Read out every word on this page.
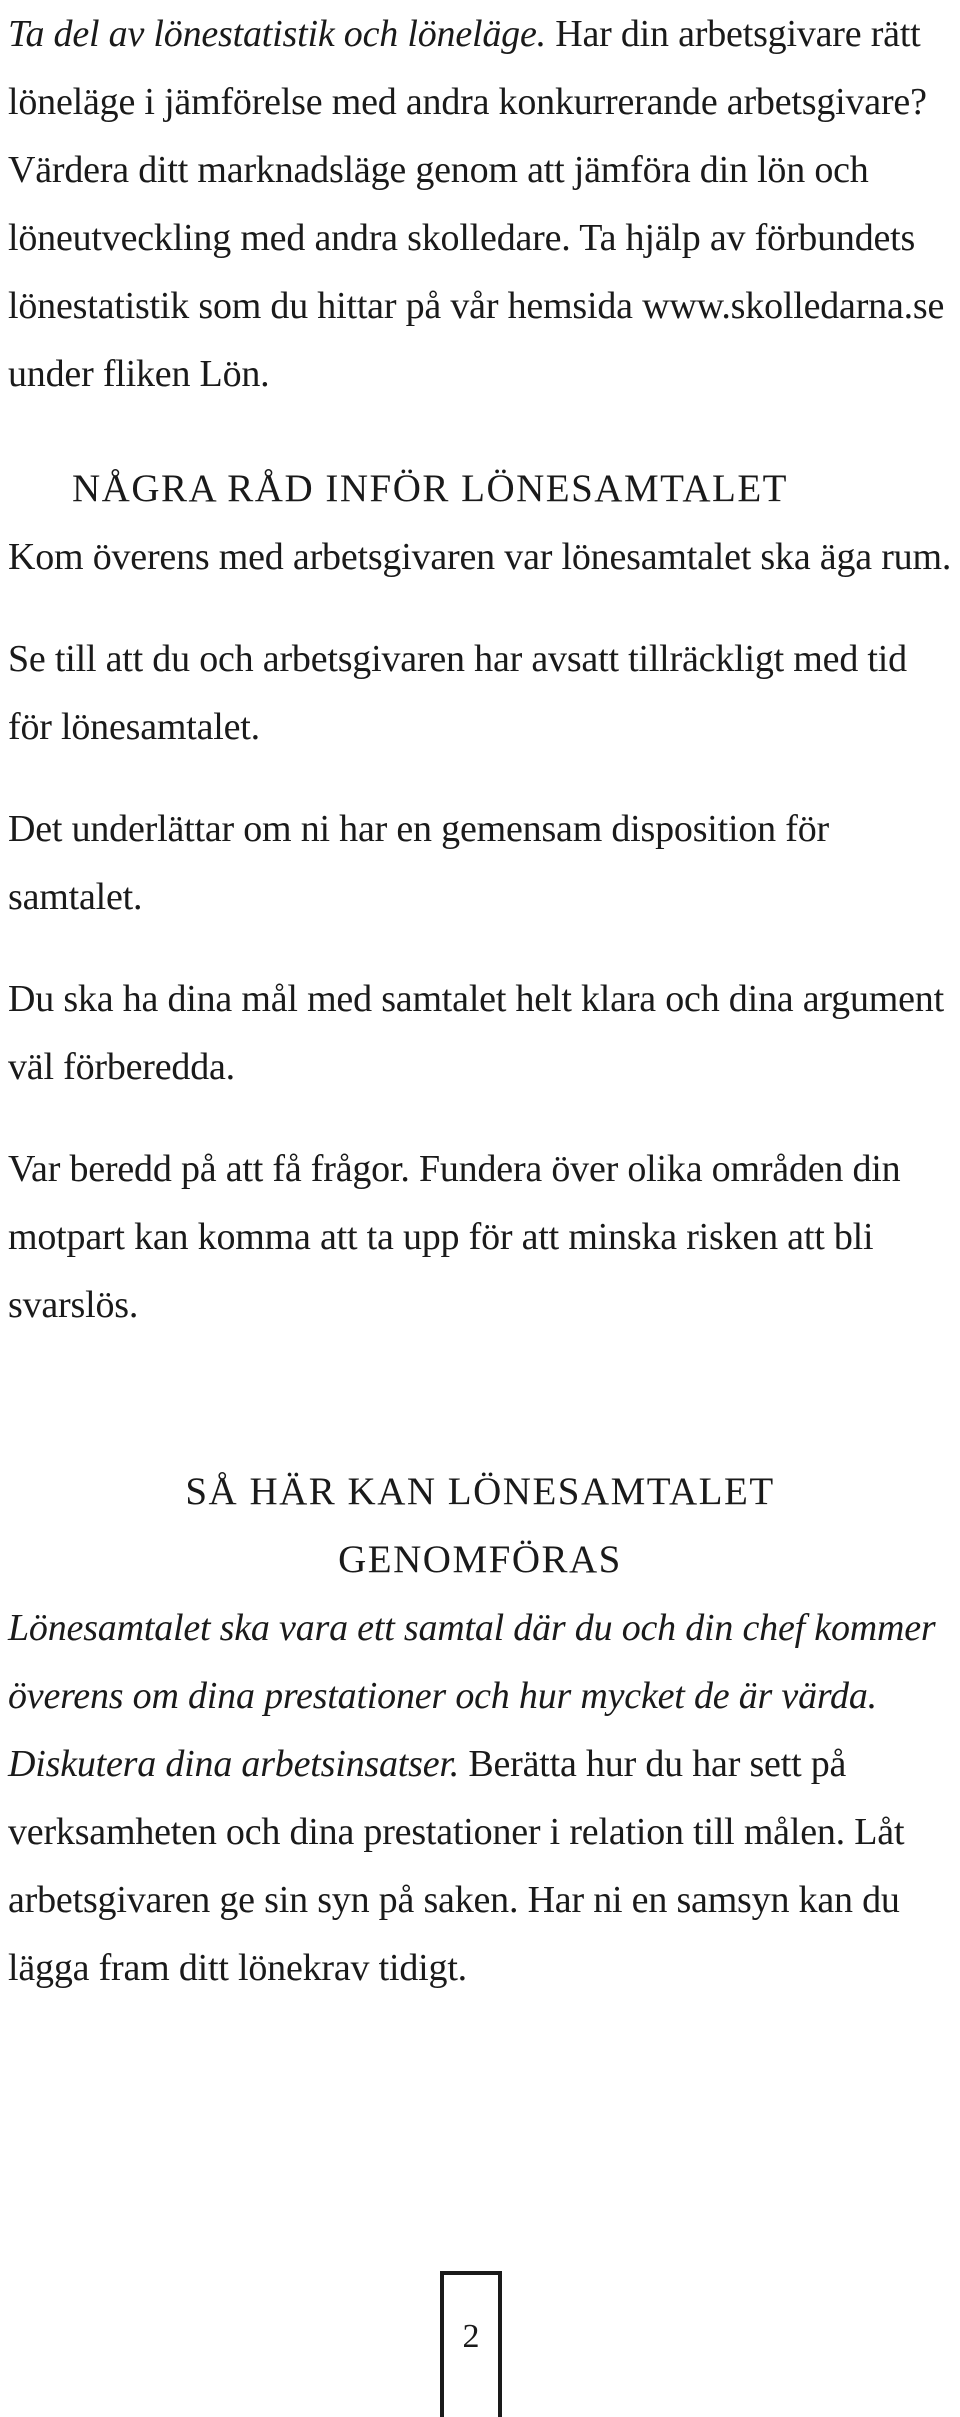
Ta del av lönestatistik och löneläge. Har din arbetsgivare rätt löneläge i jämförelse med andra konkurrerande arbetsgivare? Värdera ditt marknadsläge genom att jämföra din lön och löneutveckling med andra skolledare. Ta hjälp av förbundets lönestatistik som du hittar på vår hemsida www.skolledarna.se under fliken Lön.

NÅGRA RÅD INFÖR LÖNESAMTALET

Kom överens med arbetsgivaren var lönesamtalet ska äga rum.

Se till att du och arbetsgivaren har avsatt tillräckligt med tid för lönesamtalet.

Det underlättar om ni har en gemensam disposition för samtalet.

Du ska ha dina mål med samtalet helt klara och dina argument väl förberedda.

Var beredd på att få frågor. Fundera över olika områden din motpart kan komma att ta upp för att minska risken att bli svarslös.

SÅ HÄR KAN LÖNESAMTALET
GENOMFÖRAS

Lönesamtalet ska vara ett samtal där du och din chef kommer överens om dina prestationer och hur mycket de är värda. Diskutera dina arbetsinsatser. Berätta hur du har sett på verksamheten och dina prestationer i relation till målen. Låt arbetsgivaren ge sin syn på saken. Har ni en samsyn kan du lägga fram ditt lönekrav tidigt.

2
